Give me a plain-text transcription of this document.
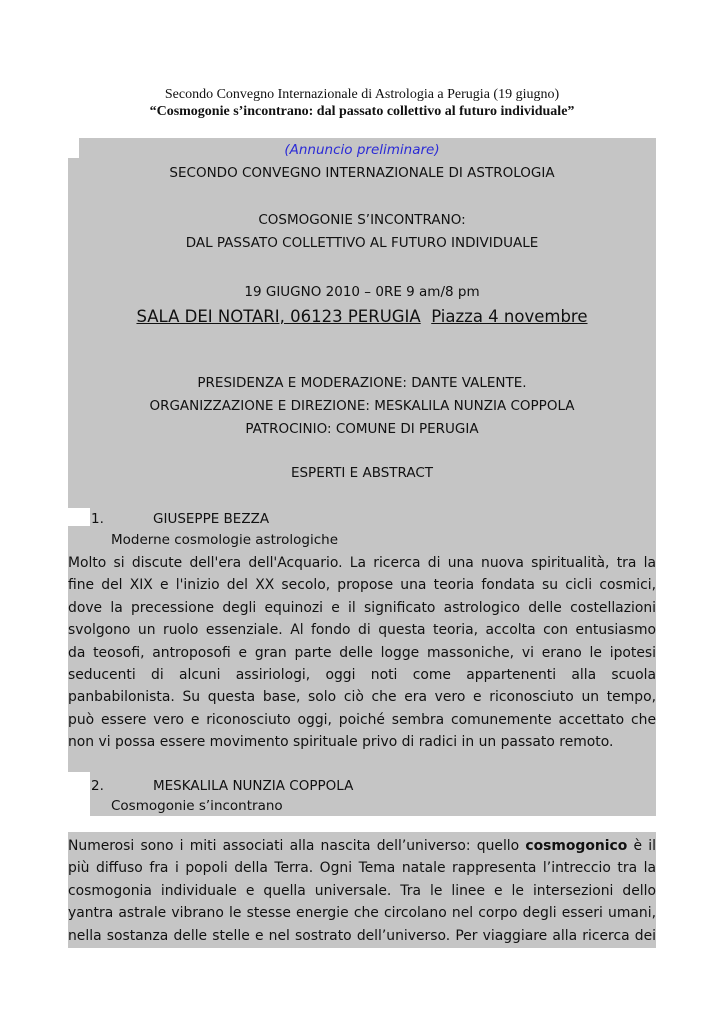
Secondo Convegno Internazionale di Astrologia a Perugia (19 giugno)
“Cosmogonie s’incontrano: dal passato collettivo al futuro individuale”
(Annuncio preliminare)
SECONDO CONVEGNO INTERNAZIONALE DI ASTROLOGIA
COSMOGONIE S’INCONTRANO:
DAL PASSATO COLLETTIVO AL FUTURO INDIVIDUALE
19 GIUGNO 2010 – 0RE 9 am/8 pm
SALA DEI NOTARI, 06123 PERUGIA Piazza 4 novembre
PRESIDENZA E MODERAZIONE: DANTE VALENTE.
ORGANIZZAZIONE E DIREZIONE: MESKALILA NUNZIA COPPOLA
PATROCINIO: COMUNE DI PERUGIA
ESPERTI E ABSTRACT
1.	GIUSEPPE BEZZA
Moderne cosmologie astrologiche
Molto si discute dell'era dell'Acquario. La ricerca di una nuova spiritualità, tra la
fine del XIX e l'inizio del XX secolo, propose una teoria fondata su cicli cosmici,
dove la precessione degli equinozi e il significato astrologico delle costellazioni
svolgono un ruolo essenziale. Al fondo di questa teoria, accolta con entusiasmo
da teosofi, antroposofi e gran parte delle logge massoniche, vi erano le ipotesi
seducenti di alcuni assiriologi, oggi noti come appartenenti alla scuola
panbabilonista. Su questa base, solo ciò che era vero e riconosciuto un tempo,
può essere vero e riconosciuto oggi, poiché sembra comunemente accettato che
non vi possa essere movimento spirituale privo di radici in un passato remoto.
2.	MESKALILA NUNZIA COPPOLA
Cosmogonie s’incontrano
Numerosi sono i miti associati alla nascita dell’universo: quello cosmogonico è il
più diffuso fra i popoli della Terra. Ogni Tema natale rappresenta l’intreccio tra la
cosmogonia individuale e quella universale. Tra le linee e le intersezioni dello
yantra astrale vibrano le stesse energie che circolano nel corpo degli esseri umani,
nella sostanza delle stelle e nel sostrato dell’universo. Per viaggiare alla ricerca dei
